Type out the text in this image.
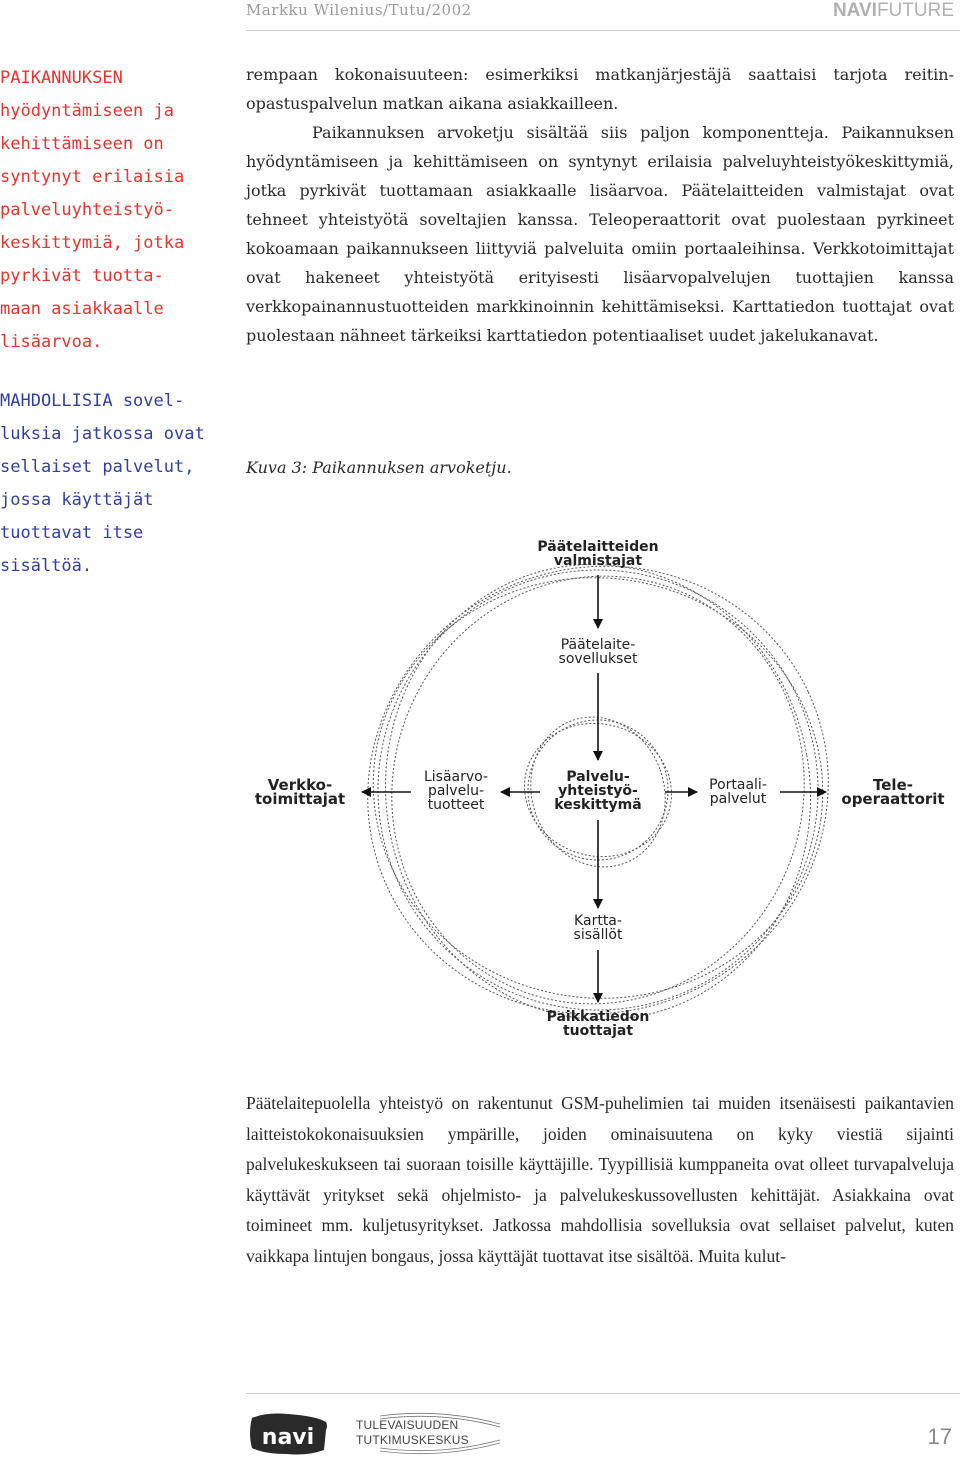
Markku Wilenius/Tutu/2002	NAVIFUTURE

PAIKANNUKSEN
hyödyntämiseen ja
kehittämiseen on
syntynyt erilaisia
palveluyhteistyö-
keskittymiä, jotka
pyrkivät tuotta-
maan asiakkaalle
lisäarvoa.

MAHDOLLISIA sovel-
luksia jatkossa ovat
sellaiset palvelut,
jossa käyttäjät
tuottavat itse
sisältöä.

rempaan kokonaisuuteen: esimerkiksi matkanjärjestäjä saattaisi tarjota reitin-opastuspalvelun matkan aikana asiakkailleen.

Paikannuksen arvoketju sisältää siis paljon komponentteja. Paikannuksen hyödyntämiseen ja kehittämiseen on syntynyt erilaisia palveluyhteistyökeskittymiä, jotka pyrkivät tuottamaan asiakkaalle lisäarvoa. Päätelaitteiden valmistajat ovat tehneet yhteistyötä soveltajien kanssa. Teleoperaattorit ovat puolestaan pyrkineet kokoamaan paikannukseen liittyviä palveluita omiin portaaleihinsa. Verkkotoimittajat ovat hakeneet yhteistyötä erityisesti lisäarvopalvelujen tuottajien kanssa verkkopainannustuotteiden markkinoinnin kehittämiseksi. Karttatiedon tuottajat ovat puolestaan nähneet tärkeiksi karttatiedon potentiaaliset uudet jakelukanavat.

Kuva 3: Paikannuksen arvoketju.
Päätelaitteiden
valmistajat
Päätelaite-
sovellukset
Verkko-
toimittajat
Lisäarvo-
palvelu-
tuotteet
Palvelu-
yhteistyö-
keskittymä
Portaali-
palvelut
Tele-
operaattorit
Kartta-
sisällöt
Paikkatiedon
tuottajat

Päätelaitepuolella yhteistyö on rakentunut GSM-puhelimien tai muiden itsenäisesti paikantavien laitteistokokonaisuuksien ympärille, joiden ominaisuutena on kyky viestiä sijainti palvelukeskukseen tai suoraan toisille käyttäjille. Tyypillisiä kumppaneita ovat olleet turvapalveluja käyttävät yritykset sekä ohjelmisto- ja palvelukeskussovellusten kehittäjät. Asiakkaina ovat toimineet mm. kuljetusyritykset. Jatkossa mahdollisia sovelluksia ovat sellaiset palvelut, kuten vaikkapa lintujen bongaus, jossa käyttäjät tuottavat itse sisältöä. Muita kulut-

navi	TULEVAISUUDEN
TUTKIMUSKESKUS	17
